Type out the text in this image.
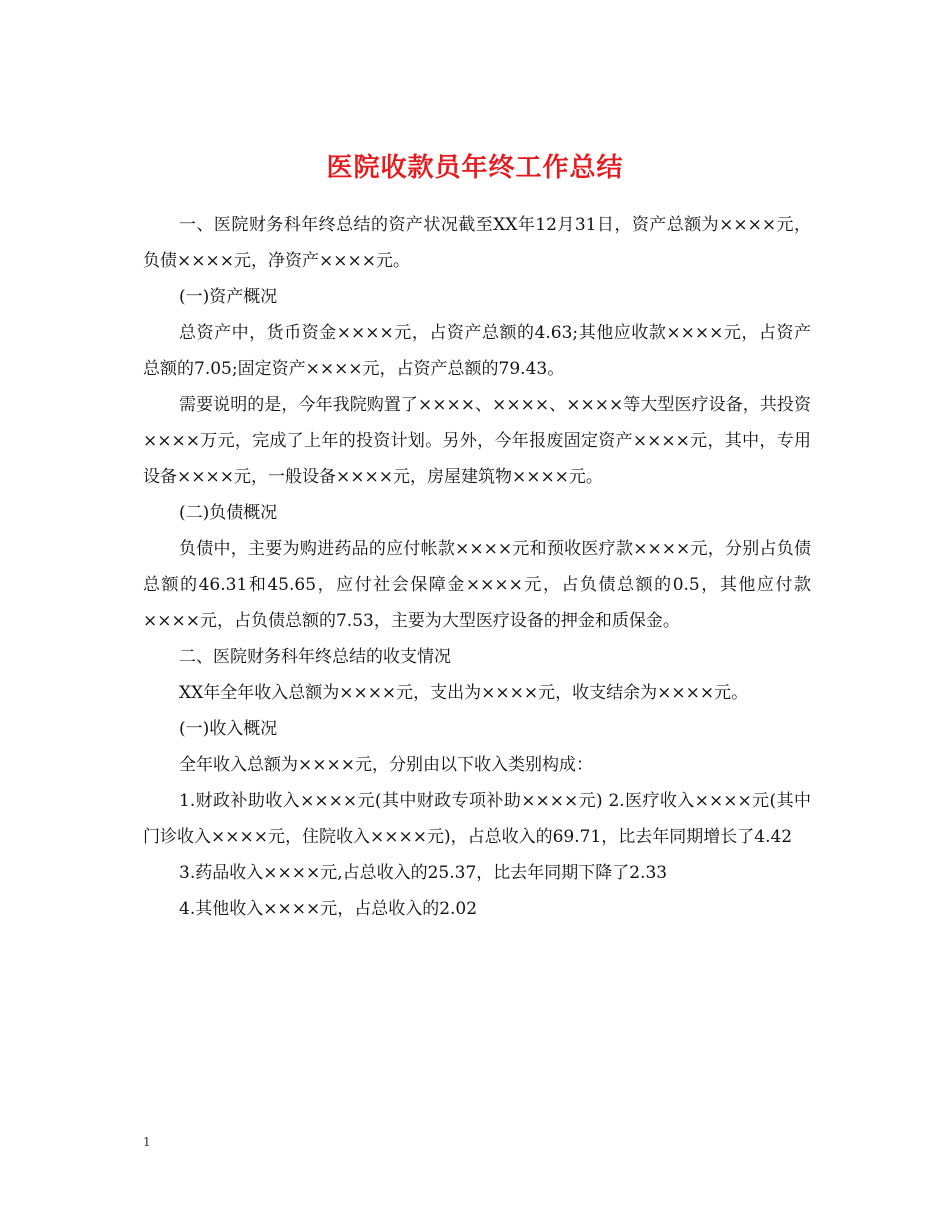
医院收款员年终工作总结

一、医院财务科年终总结的资产状况截至XX年12月31日，资产总额为××××元，负债××××元，净资产××××元。

(一)资产概况

总资产中，货币资金××××元，占资产总额的4.63;其他应收款××××元，占资产总额的7.05;固定资产××××元，占资产总额的79.43。

需要说明的是，今年我院购置了××××、××××、××××等大型医疗设备，共投资××××万元，完成了上年的投资计划。另外，今年报废固定资产××××元，其中，专用设备××××元，一般设备××××元，房屋建筑物××××元。

(二)负债概况

负债中，主要为购进药品的应付帐款××××元和预收医疗款××××元，分别占负债总额的46.31和45.65，应付社会保障金××××元，占负债总额的0.5，其他应付款××××元，占负债总额的7.53，主要为大型医疗设备的押金和质保金。

二、医院财务科年终总结的收支情况

XX年全年收入总额为××××元，支出为××××元，收支结余为××××元。

(一)收入概况

全年收入总额为××××元，分别由以下收入类别构成：

1.财政补助收入××××元(其中财政专项补助××××元) 2.医疗收入××××元(其中门诊收入××××元，住院收入××××元)，占总收入的69.71，比去年同期增长了4.42

3.药品收入××××元,占总收入的25.37，比去年同期下降了2.33

4.其他收入××××元，占总收入的2.02

1
